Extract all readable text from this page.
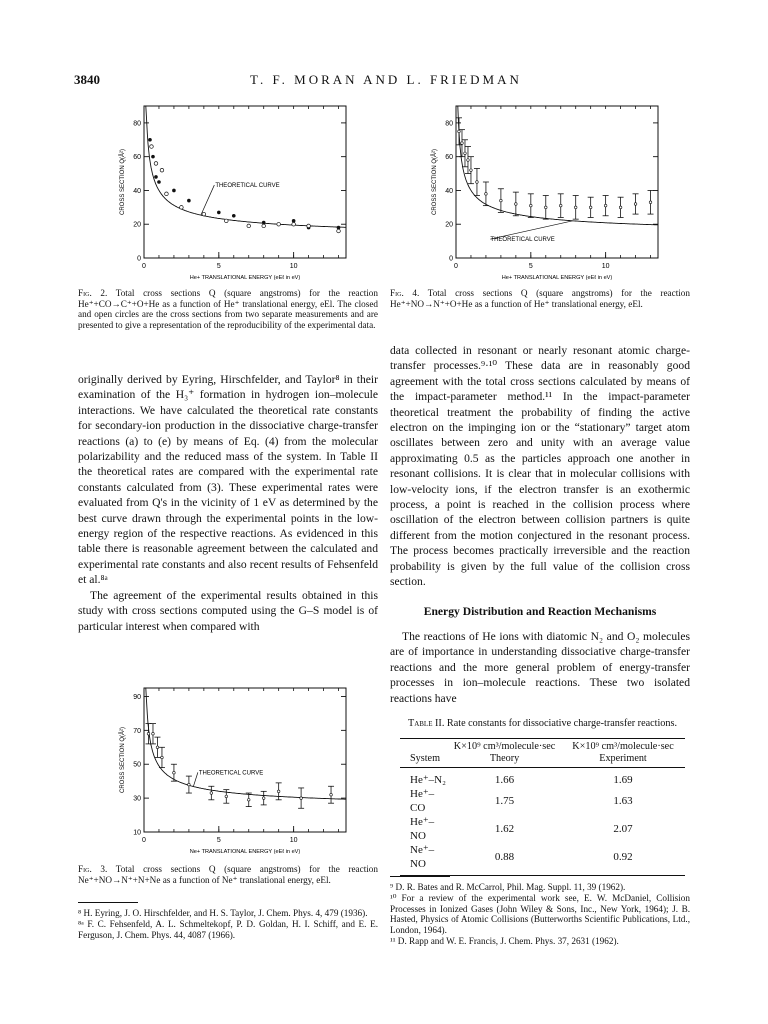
3840	T. F. MORAN AND L. FRIEDMAN
0	5	10
0
20
40
60
80
He+ TRANSLATIONAL ENERGY (eEℓ in eV)
CROSS SECTION Q(Å²)	THEORETICAL CURVE
Fig. 2. Total cross sections Q (square angstroms) for the reaction He⁺+CO→C⁺+O+He as a function of He⁺ translational energy, eEl. The closed and open circles are the cross sections from two separate measurements and are presented to give a representation of the reproducibility of the experimental data.
0	5	10
0
20
40
60
80
He+ TRANSLATIONAL ENERGY (eEℓ in eV)
CROSS SECTION Q(Å²)
THEORETICAL CURVE
Fig. 4. Total cross sections Q (square angstroms) for the reaction He⁺+NO→N⁺+O+He as a function of He⁺ translational energy, eEl.

originally derived by Eyring, Hirschfelder, and Taylor⁸ in their examination of the H₃⁺ formation in hydrogen ion–molecule interactions. We have calculated the theoretical rate constants for secondary-ion production in the dissociative charge-transfer reactions (a) to (e) by means of Eq. (4) from the molecular polarizability and the reduced mass of the system. In Table II the theoretical rates are compared with the experimental rate constants calculated from (3). These experimental rates were evaluated from Q's in the vicinity of 1 eV as determined by the best curve drawn through the experimental points in the low-energy region of the respective reactions. As evidenced in this table there is reasonable agreement between the calculated and experimental rate constants and also recent results of Fehsenfeld et al.⁸ᵃ

The agreement of the experimental results obtained in this study with cross sections computed using the G–S model is of particular interest when compared with

0	5	10
10
30
50
70
90
Ne+ TRANSLATIONAL ENERGY (eEℓ in eV)
CROSS SECTION Q(Å²)	THEORETICAL CURVE
Fig. 3. Total cross sections Q (square angstroms) for the reaction Ne⁺+NO→N⁺+N+Ne as a function of Ne⁺ translational energy, eEl.

⁸ H. Eyring, J. O. Hirschfelder, and H. S. Taylor, J. Chem. Phys. 4, 479 (1936).

⁸ᵃ F. C. Fehsenfeld, A. L. Schmeltekopf, P. D. Goldan, H. I. Schiff, and E. E. Ferguson, J. Chem. Phys. 44, 4087 (1966).

data collected in resonant or nearly resonant atomic charge-transfer processes.⁹·¹⁰ These data are in reasonably good agreement with the total cross sections calculated by means of the impact-parameter method.¹¹ In the impact-parameter theoretical treatment the probability of finding the active electron on the impinging ion or the “stationary” target atom oscillates between zero and unity with an average value approximating 0.5 as the particles approach one another in resonant collisions. It is clear that in molecular collisions with low-velocity ions, if the electron transfer is an exothermic process, a point is reached in the collision process where oscillation of the electron between collision partners is quite different from the motion conjectured in the resonant process. The process becomes practically irreversible and the reaction probability is given by the full value of the collision cross section.

Energy Distribution and Reaction Mechanisms

The reactions of He ions with diatomic N₂ and O₂ molecules are of importance in understanding dissociative charge-transfer reactions and the more general problem of energy-transfer processes in ion–molecule reactions. These two isolated reactions have

Table II. Rate constants for dissociative charge-transfer reactions.
System	K×10⁹ cm³/molecule·sec Theory	K×10⁹ cm³/molecule·sec Experiment
He⁺–N₂	1.66	1.69
He⁺–CO	1.75	1.63
He⁺–NO	1.62	2.07
Ne⁺–NO	0.88	0.92

⁹ D. R. Bates and R. McCarrol, Phil. Mag. Suppl. 11, 39 (1962).

¹⁰ For a review of the experimental work see, E. W. McDaniel, Collision Processes in Ionized Gases (John Wiley & Sons, Inc., New York, 1964); J. B. Hasted, Physics of Atomic Collisions (Butterworths Scientific Publications, Ltd., London, 1964).

¹¹ D. Rapp and W. E. Francis, J. Chem. Phys. 37, 2631 (1962).
